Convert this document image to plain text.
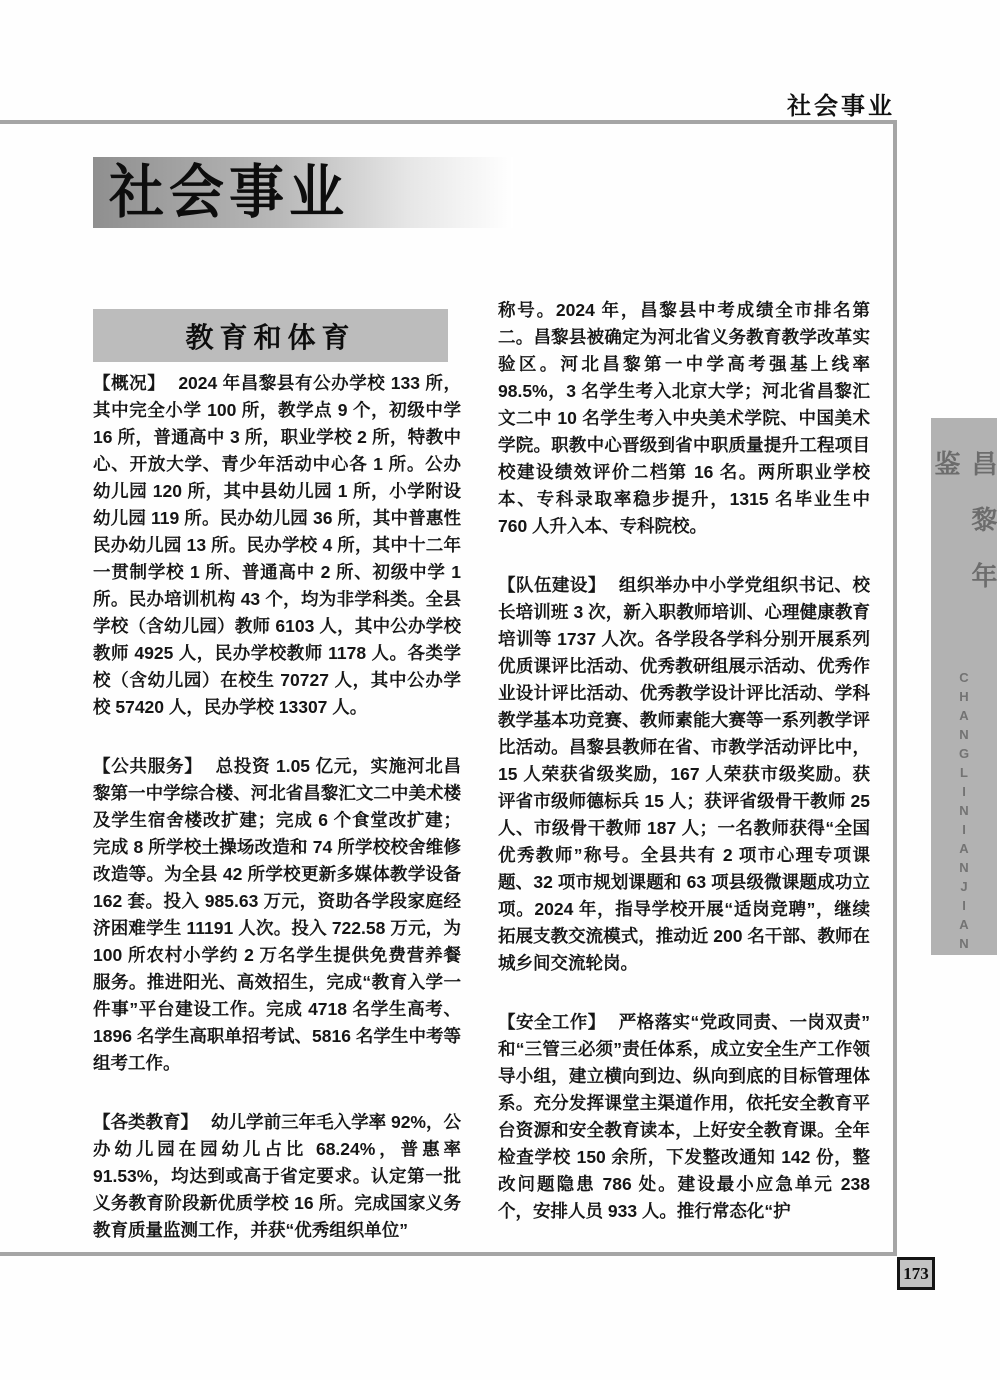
社会事业
社会事业
教育和体育

【概况】 2024 年昌黎县有公办学校 133 所，其中完全小学 100 所，教学点 9 个，初级中学 16 所，普通高中 3 所，职业学校 2 所，特教中心、开放大学、青少年活动中心各 1 所。公办幼儿园 120 所，其中县幼儿园 1 所，小学附设幼儿园 119 所。民办幼儿园 36 所，其中普惠性民办幼儿园 13 所。民办学校 4 所，其中十二年一贯制学校 1 所、普通高中 2 所、初级中学 1 所。民办培训机构 43 个，均为非学科类。全县学校（含幼儿园）教师 6103 人，其中公办学校教师 4925 人，民办学校教师 1178 人。各类学校（含幼儿园）在校生 70727 人，其中公办学校 57420 人，民办学校 13307 人。

【公共服务】 总投资 1.05 亿元，实施河北昌黎第一中学综合楼、河北省昌黎汇文二中美术楼及学生宿舍楼改扩建；完成 6 个食堂改扩建；完成 8 所学校土操场改造和 74 所学校校舍维修改造等。为全县 42 所学校更新多媒体教学设备 162 套。投入 985.63 万元，资助各学段家庭经济困难学生 11191 人次。投入 722.58 万元，为 100 所农村小学约 2 万名学生提供免费营养餐服务。推进阳光、高效招生，完成“教育入学一件事”平台建设工作。完成 4718 名学生高考、1896 名学生高职单招考试、5816 名学生中考等组考工作。

【各类教育】 幼儿学前三年毛入学率 92%，公办幼儿园在园幼儿占比 68.24%，普惠率 91.53%，均达到或高于省定要求。认定第一批义务教育阶段新优质学校 16 所。完成国家义务教育质量监测工作，并获“优秀组织单位”

称号。2024 年，昌黎县中考成绩全市排名第二。昌黎县被确定为河北省义务教育教学改革实验区。河北昌黎第一中学高考强基上线率 98.5%，3 名学生考入北京大学；河北省昌黎汇文二中 10 名学生考入中央美术学院、中国美术学院。职教中心晋级到省中职质量提升工程项目校建设绩效评价二档第 16 名。两所职业学校本、专科录取率稳步提升，1315 名毕业生中 760 人升入本、专科院校。

【队伍建设】 组织举办中小学党组织书记、校长培训班 3 次，新入职教师培训、心理健康教育培训等 1737 人次。各学段各学科分别开展系列优质课评比活动、优秀教研组展示活动、优秀作业设计评比活动、优秀教学设计评比活动、学科教学基本功竞赛、教师素能大赛等一系列教学评比活动。昌黎县教师在省、市教学活动评比中，15 人荣获省级奖励，167 人荣获市级奖励。获评省市级师德标兵 15 人；获评省级骨干教师 25 人、市级骨干教师 187 人；一名教师获得“全国优秀教师”称号。全县共有 2 项市心理专项课题、32 项市规划课题和 63 项县级微课题成功立项。2024 年，指导学校开展“适岗竞聘”，继续拓展支教交流模式，推动近 200 名干部、教师在城乡间交流轮岗。

【安全工作】 严格落实“党政同责、一岗双责”和“三管三必须”责任体系，成立安全生产工作领导小组，建立横向到边、纵向到底的目标管理体系。充分发挥课堂主渠道作用，依托安全教育平台资源和安全教育读本，上好安全教育课。全年检查学校 150 余所，下发整改通知 142 份，整改问题隐患 786 处。建设最小应急单元 238 个，安排人员 933 人。推行常态化“护

昌黎年鉴
CHANGLINIANJIAN
173
